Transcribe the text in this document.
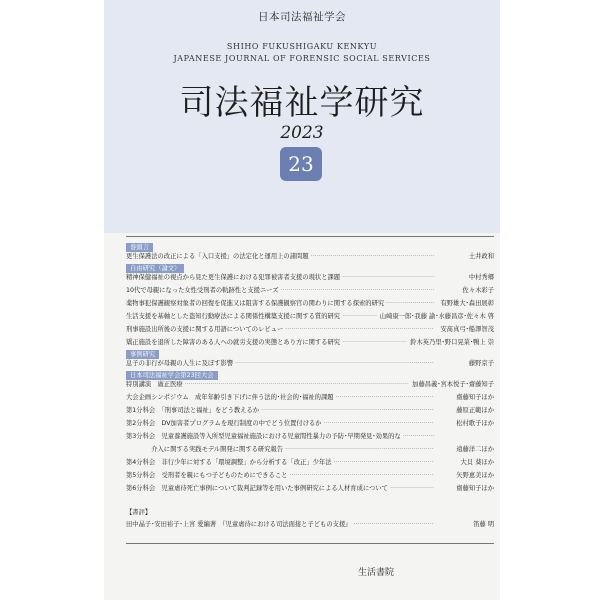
日本司法福祉学会
SHIHO FUKUSHIGAKU KENKYU
JAPANESE JOURNAL OF FORENSIC SOCIAL SERVICES
司法福祉学研究
2023
23
巻頭言
更生保護法の改正による「入口支援」の法定化と運用上の諸問題 ·····	土井政和
自由研究（論文）
精神保健福祉の視点から見た更生保護における犯罪被害者支援の現状と課題 ·····	中村秀郷
10代で母親になった女性受刑者の軌跡性と支援ニーズ ·····	佐々木彩子
薬物事犯保護観察対象者の回復を促進又は阻害する保護観察官の関わりに関する探索的研究 ·····	有野雄大･森田展彰
生活支援を基軸とした盗知行動療法による関係性構築支援に関する質的研究 ·····	山﨑康一郎･我藤 諭･水藤昌彦･佐々木 啓
刑事施設出所後の支援に関する用語についてのレビュー ·····	安髙真弓･船澤智茂
矯正施設を退所した障害のある人への就労支援の実態とあり方に関する研究 ·····	鈴木英乃里･野口晃菜･鴨上 崇
事例研究
息子の非行が母親の人生に及ぼす影響 ·····	藤野京子
日本司法福祉学会第23回大会
特別講演　廣正医療 ·····	加藤昌義･宮本悦子･齋藤知子
大会企画シンポジウム　成年年齢引き下げに伴う法的･社会的･福祉的課題 ·····	齋藤知子ほか
第1分科会　「刑事司法と福祉」をどう教えるか ·····	藤原正範ほか
第2分科会　DV加害者プログラムを現行制度の中でどう位置付けるか ·····	松村歌子ほか
第3分科会　児童養護施設等入所型児童福祉施設における児童間性暴力の予防･早期発見･効果的な ·····
　　　　介入に関する実践モデル開発に関する研究報告 ·····	遠藤洋二ほか
第4分科会　非行少年に対する「環境調整」から分析する「改正」少年法 ·····	大貝 葵ほか
第5分科会　受刑者を親にもつ子どものためにできること ·····	矢野恵美ほか
第6分科会　児童虐待死亡事例について裁判記録等を用いた事例研究による人材育成について ·····	齋藤知子ほか
【書評】
田中晶子･安田裕子･上宮 愛編著　『児童虐待における司法面接と子どもの支援』 ·····	笛藤 明
生活書院
